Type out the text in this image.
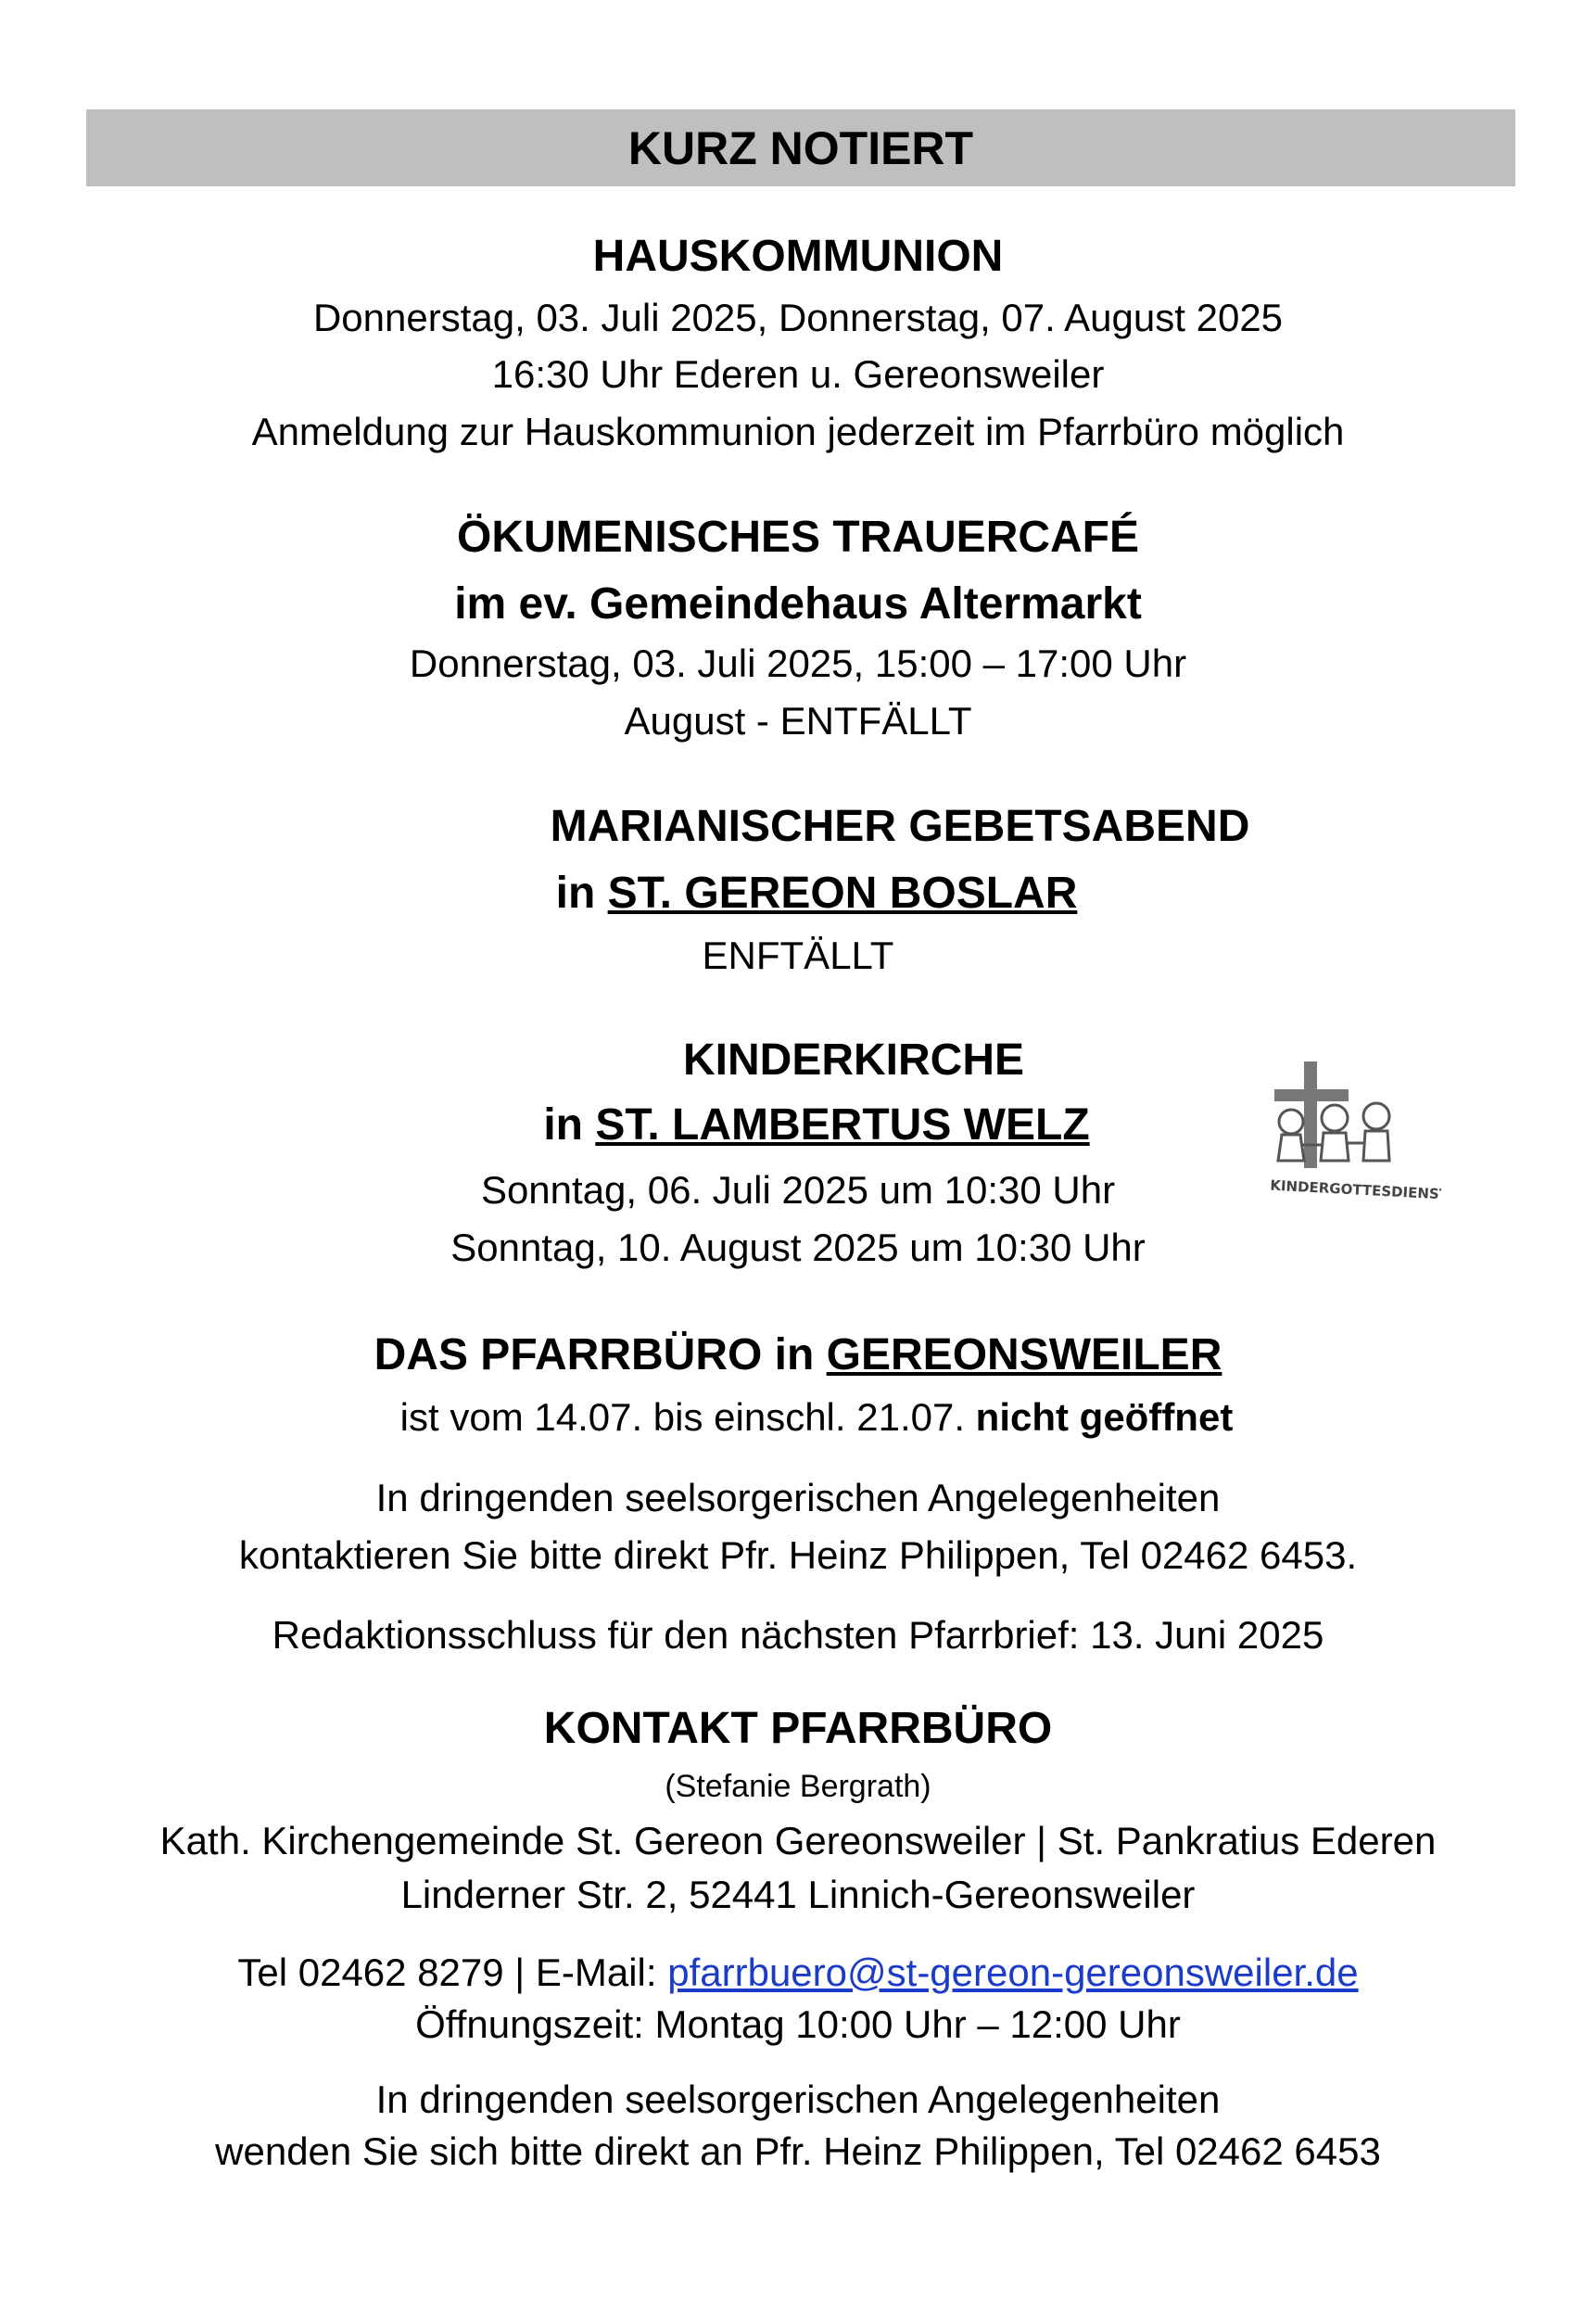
KURZ NOTIERT
HAUSKOMMUNION
Donnerstag, 03. Juli 2025, Donnerstag, 07. August 2025
16:30 Uhr Ederen u. Gereonsweiler
Anmeldung zur Hauskommunion jederzeit im Pfarrbüro möglich
ÖKUMENISCHES TRAUERCAFÉ
im ev. Gemeindehaus Altermarkt
Donnerstag, 03. Juli 2025, 15:00 – 17:00 Uhr
August - ENTFÄLLT
MARIANISCHER GEBETSABEND
in ST. GEREON BOSLAR
ENFTÄLLT
KINDERKIRCHE
in ST. LAMBERTUS WELZ
Sonntag, 06. Juli 2025 um 10:30 Uhr
Sonntag, 10. August 2025 um 10:30 Uhr
KINDERGOTTESDIENST
DAS PFARRBÜRO in GEREONSWEILER
ist vom 14.07. bis einschl. 21.07. nicht geöffnet
In dringenden seelsorgerischen Angelegenheiten
kontaktieren Sie bitte direkt Pfr. Heinz Philippen, Tel 02462 6453.
Redaktionsschluss für den nächsten Pfarrbrief: 13. Juni 2025
KONTAKT PFARRBÜRO
(Stefanie Bergrath)
Kath. Kirchengemeinde St. Gereon Gereonsweiler | St. Pankratius Ederen
Linderner Str. 2, 52441 Linnich-Gereonsweiler
Tel 02462 8279 | E-Mail: pfarrbuero@st-gereon-gereonsweiler.de
Öffnungszeit: Montag 10:00 Uhr – 12:00 Uhr
In dringenden seelsorgerischen Angelegenheiten
wenden Sie sich bitte direkt an Pfr. Heinz Philippen, Tel 02462 6453
